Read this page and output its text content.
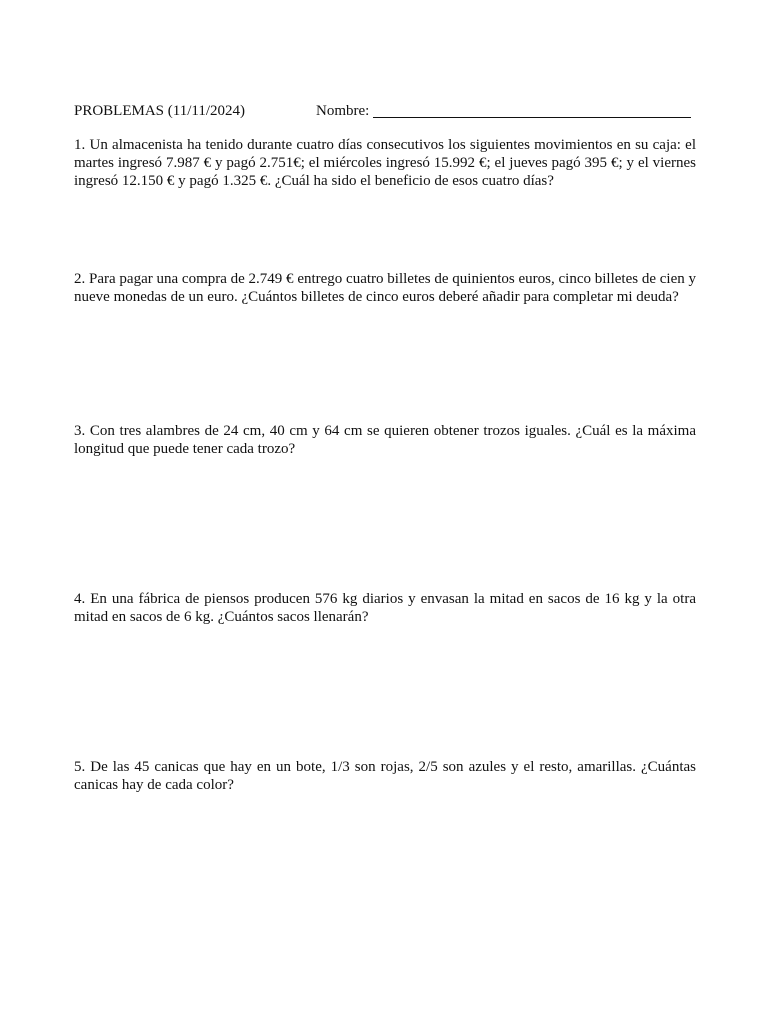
PROBLEMAS (11/11/2024)	Nombre:

1. Un almacenista ha tenido durante cuatro días consecutivos los siguientes movimientos en su caja: el martes ingresó 7.987 € y pagó 2.751€; el miércoles ingresó 15.992 €; el jueves pagó 395 €; y el viernes ingresó 12.150 € y pagó 1.325 €. ¿Cuál ha sido el beneficio de esos cuatro días?

2. Para pagar una compra de 2.749 € entrego cuatro billetes de quinientos euros, cinco billetes de cien y nueve monedas de un euro. ¿Cuántos billetes de cinco euros deberé añadir para completar mi deuda?

3. Con tres alambres de 24 cm, 40 cm y 64 cm se quieren obtener trozos iguales. ¿Cuál es la máxima longitud que puede tener cada trozo?

4. En una fábrica de piensos producen 576 kg diarios y envasan la mitad en sacos de 16 kg y la otra mitad en sacos de 6 kg. ¿Cuántos sacos llenarán?

5. De las 45 canicas que hay en un bote, 1/3 son rojas, 2/5 son azules y el resto, amarillas. ¿Cuántas canicas hay de cada color?
